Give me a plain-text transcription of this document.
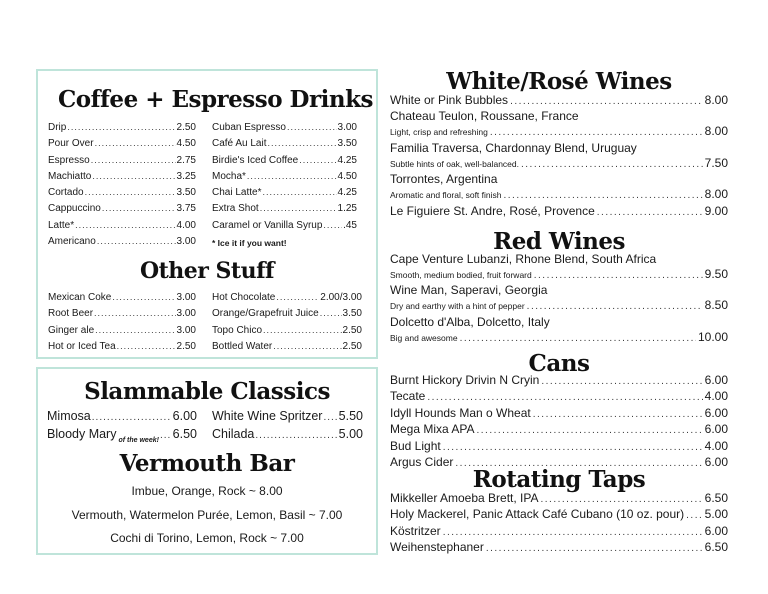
Coffee + Espresso Drinks
Drip .....	2.50
Pour Over .....	4.50
Espresso .....	2.75
Machiatto .....	3.25
Cortado .....	3.50
Cappuccino .....	3.75
Latte* .....	4.00
Americano .....	3.00
Cuban Espresso .....	3.00
Café Au Lait .....	3.50
Birdie's Iced Coffee .....	4.25
Mocha* .....	4.50
Chai Latte* .....	4.25
Extra Shot .....	1.25
Caramel or Vanilla Syrup ..... .45
* Ice it if you want!
Other Stuff
Mexican Coke .....	3.00
Root Beer .....	3.00
Ginger ale .....	3.00
Hot or Iced Tea .....	2.50
Hot Chocolate .....	2.00/3.00
Orange/Grapefruit Juice ..... 3.50
Topo Chico .....	2.50
Bottled Water .....	2.50
Slammable Classics
Mimosa .....	6.00
Bloody Mary of the week! ..... 6.50
White Wine Spritzer ..... 5.50
Chilada .....	5.00
Vermouth Bar
Imbue, Orange, Rock ~ 8.00
Vermouth, Watermelon Purée, Lemon, Basil ~ 7.00
Cochi di Torino, Lemon, Rock ~ 7.00
White/Rosé Wines
White or Pink Bubbles .....	8.00
Chateau Teulon, Roussane, France
Light, crisp and refreshing .....	8.00
Familia Traversa, Chardonnay Blend, Uruguay
Subtle hints of oak, well-balanced. .....	7.50
Torrontes, Argentina
Aromatic and floral, soft finish .....	8.00
Le Figuiere St. Andre, Rosé, Provence .....	9.00
Red Wines
Cape Venture Lubanzi, Rhone Blend, South Africa
Smooth, medium bodied, fruit forward .....	9.50
Wine Man, Saperavi, Georgia
Dry and earthy with a hint of pepper .....	8.50
Dolcetto d'Alba, Dolcetto, Italy
Big and awesome .....	10.00
Cans
Burnt Hickory Drivin N Cryin .....	6.00
Tecate .....	4.00
Idyll Hounds Man o Wheat .....	6.00
Mega Mixa APA .....	6.00
Bud Light .....	4.00
Argus Cider .....	6.00
Rotating Taps
Mikkeller Amoeba Brett, IPA .....	6.50
Holy Mackerel, Panic Attack Café Cubano (10 oz. pour) ..... 5.00
Köstritzer .....	6.00
Weihenstephaner .....	6.50
